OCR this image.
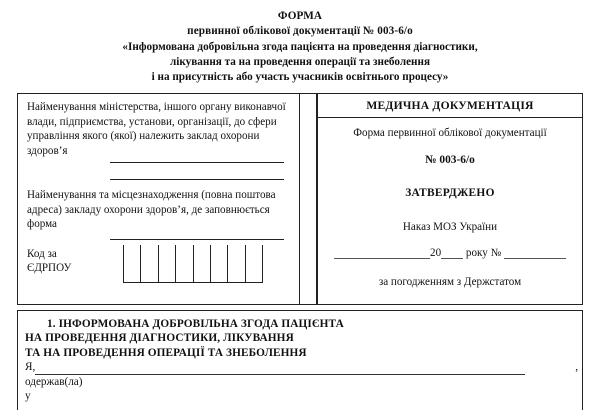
ФОРМА
первинної облікової документації № 003-6/о
«Інформована добровільна згода пацієнта на проведення діагностики,
лікування та на проведення операції та знеболення
і на присутність або участь учасників освітнього процесу»
Найменування міністерства, іншого органу виконавчої влади, підприємства, установи, організації, до сфери управління якого (якої) належить заклад охорони здоров’я
Найменування та місцезнаходження (повна поштова адреса) закладу охорони здоров’я, де заповнюється форма
Код за
ЄДРПОУ
МЕДИЧНА ДОКУМЕНТАЦІЯ
Форма первинної облікової документації
№ 003-6/о
ЗАТВЕРДЖЕНО
Наказ МОЗ України
20 року №
за погодженням з Держстатом
1. ІНФОРМОВАНА ДОБРОВІЛЬНА ЗГОДА ПАЦІЄНТА
НА ПРОВЕДЕННЯ ДІАГНОСТИКИ, ЛІКУВАННЯ
ТА НА ПРОВЕДЕННЯ ОПЕРАЦІЇ ТА ЗНЕБОЛЕННЯ
Я,	,
одержав(ла)
у
